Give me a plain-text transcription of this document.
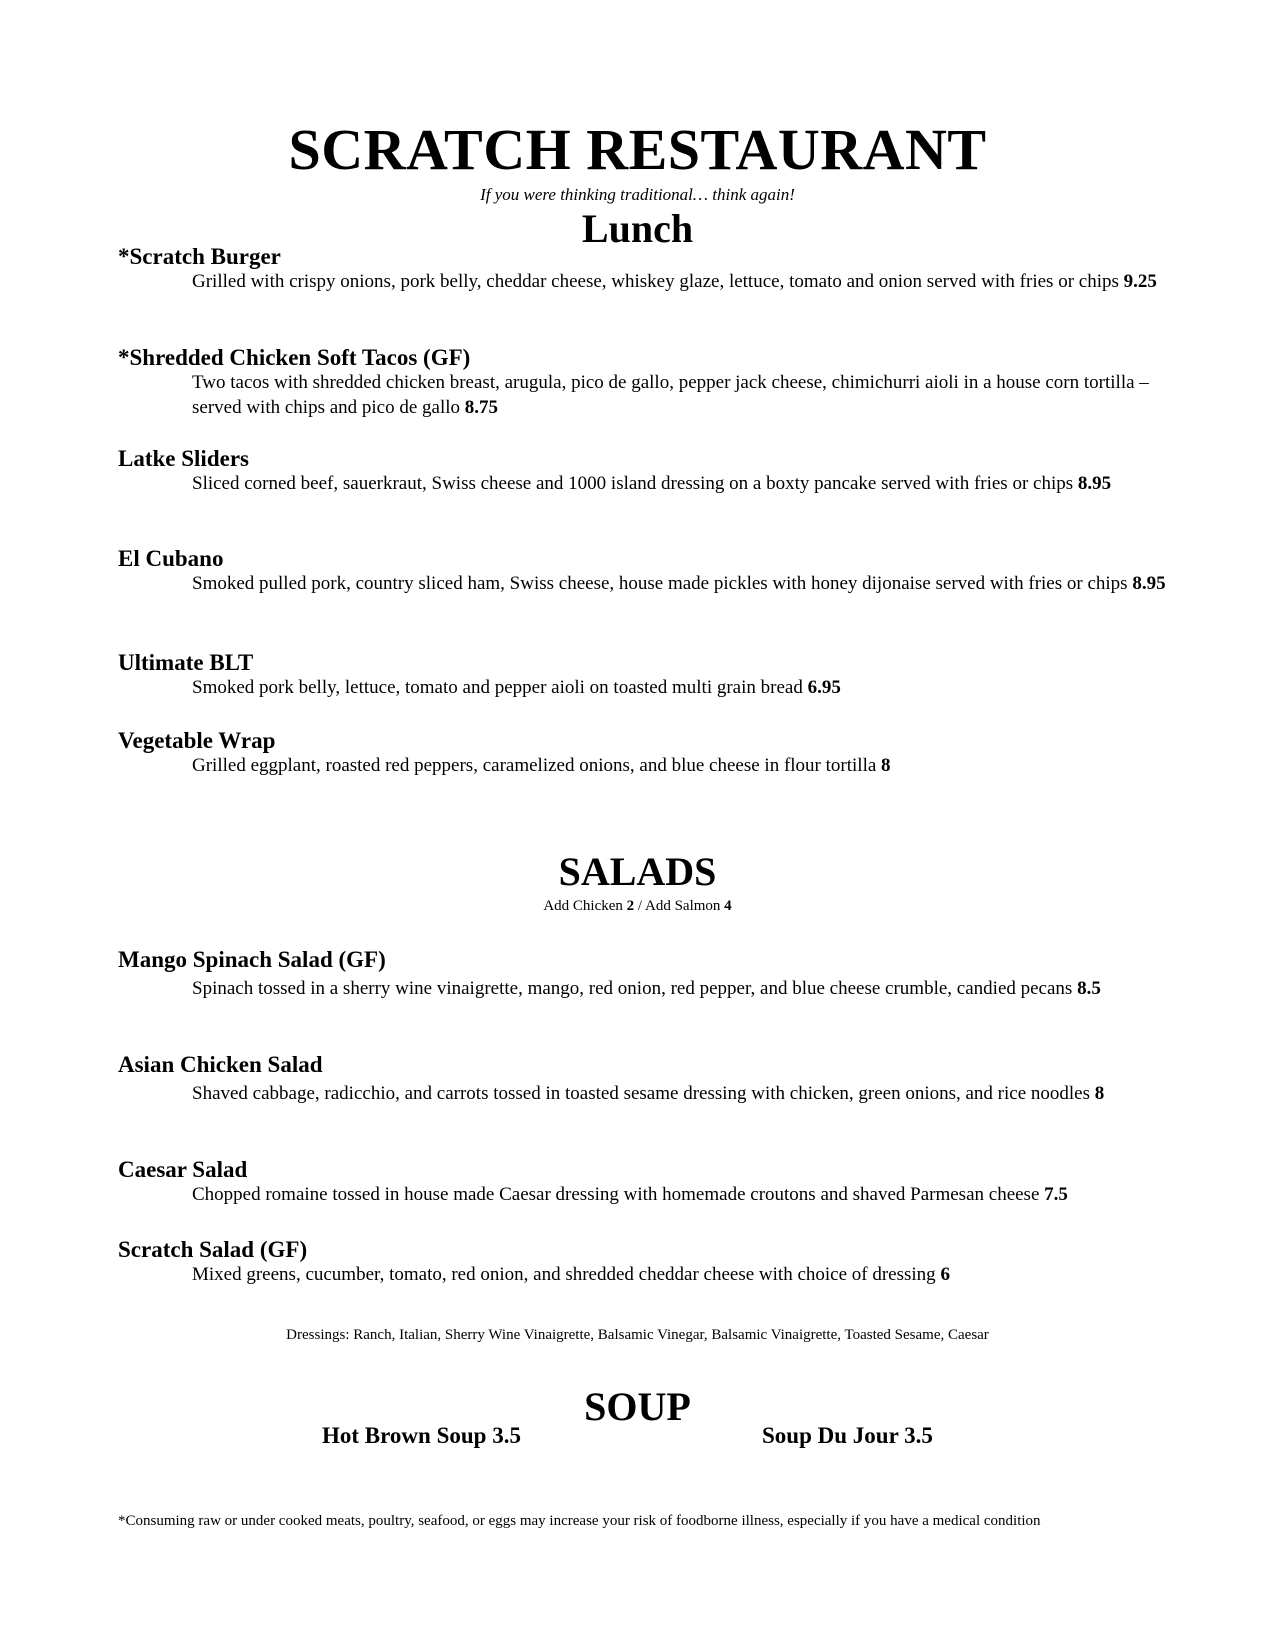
SCRATCH RESTAURANT
If you were thinking traditional… think again!
Lunch

*Scratch Burger

Grilled with crispy onions, pork belly, cheddar cheese, whiskey glaze, lettuce, tomato and onion served with fries or chips 9.25

*Shredded Chicken Soft Tacos (GF)

Two tacos with shredded chicken breast, arugula, pico de gallo, pepper jack cheese, chimichurri aioli in a house corn tortilla – served with chips and pico de gallo 8.75

Latke Sliders

Sliced corned beef, sauerkraut, Swiss cheese and 1000 island dressing on a boxty pancake served with fries or chips 8.95

El Cubano

Smoked pulled pork, country sliced ham, Swiss cheese, house made pickles with honey dijonaise served with fries or chips 8.95

Ultimate BLT

Smoked pork belly, lettuce, tomato and pepper aioli on toasted multi grain bread 6.95

Vegetable Wrap

Grilled eggplant, roasted red peppers, caramelized onions, and blue cheese in flour tortilla 8

SALADS
Add Chicken 2 / Add Salmon 4

Mango Spinach Salad (GF)

Spinach tossed in a sherry wine vinaigrette, mango, red onion, red pepper, and blue cheese crumble, candied pecans 8.5

Asian Chicken Salad

Shaved cabbage, radicchio, and carrots tossed in toasted sesame dressing with chicken, green onions, and rice noodles 8

Caesar Salad

Chopped romaine tossed in house made Caesar dressing with homemade croutons and shaved Parmesan cheese 7.5

Scratch Salad (GF)

Mixed greens, cucumber, tomato, red onion, and shredded cheddar cheese with choice of dressing 6

Dressings: Ranch, Italian, Sherry Wine Vinaigrette, Balsamic Vinegar, Balsamic Vinaigrette, Toasted Sesame, Caesar
SOUP
Hot Brown Soup 3.5	Soup Du Jour 3.5
*Consuming raw or under cooked meats, poultry, seafood, or eggs may increase your risk of foodborne illness, especially if you have a medical condition
